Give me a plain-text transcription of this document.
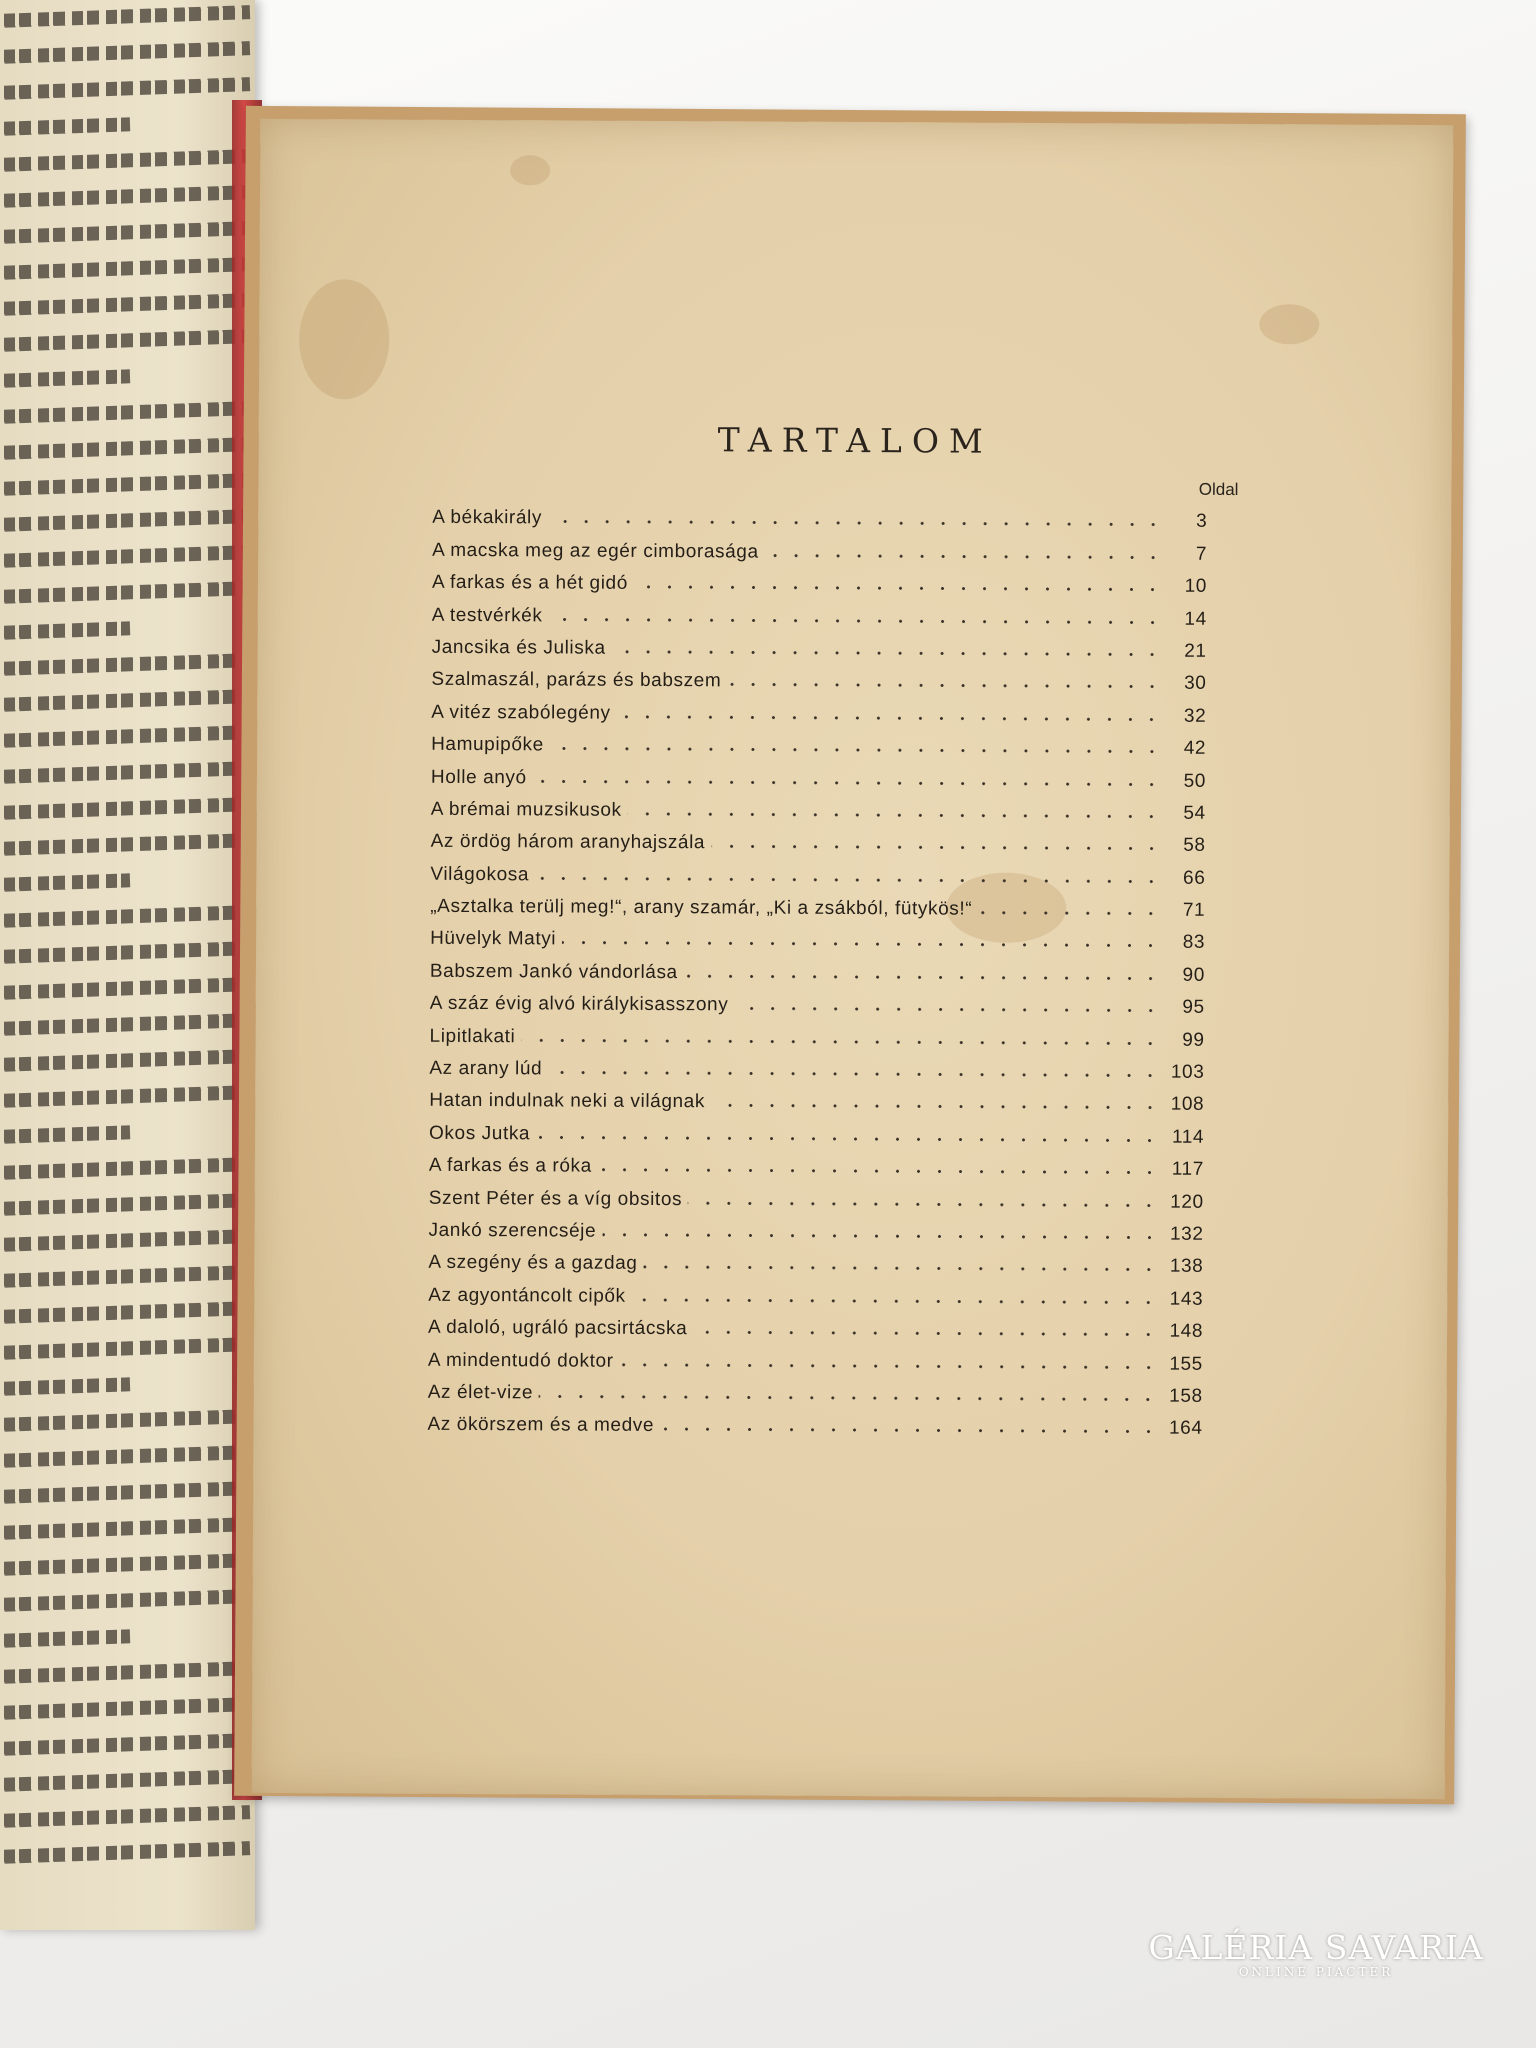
TARTALOM
Oldal
A békakirály	3
A macska meg az egér cimborasága	7
A farkas és a hét gidó	10
A testvérkék	14
Jancsika és Juliska	21
Szalmaszál, parázs és babszem	30
A vitéz szabólegény	32
Hamupipőke	42
Holle anyó	50
A brémai muzsikusok	54
Az ördög három aranyhajszála	58
Világokosa	66
„Asztalka terülj meg!“, arany szamár, „Ki a zsákból, fütykös!“	71
Hüvelyk Matyi	83
Babszem Jankó vándorlása	90
A száz évig alvó királykisasszony	95
Lipitlakati	99
Az arany lúd	103
Hatan indulnak neki a világnak	108
Okos Jutka	114
A farkas és a róka	117
Szent Péter és a víg obsitos	120
Jankó szerencséje	132
A szegény és a gazdag	138
Az agyontáncolt cipők	143
A daloló, ugráló pacsirtácska	148
A mindentudó doktor	155
Az élet-vize	158
Az ökörszem és a medve	164
GALÉRIA SAVARIA
ONLINE PIACTÉR
